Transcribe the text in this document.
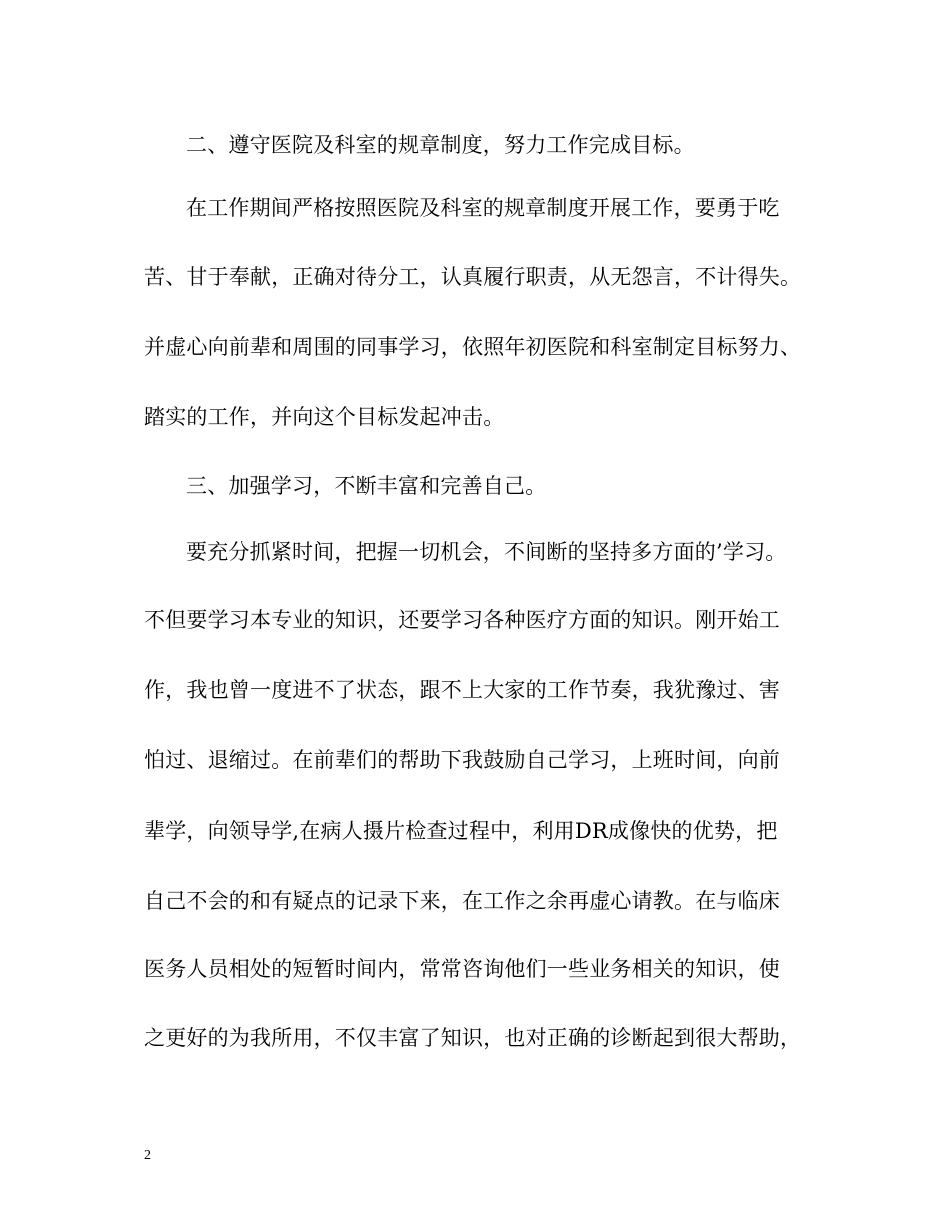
二、遵守医院及科室的规章制度，努力工作完成目标。
在工作期间严格按照医院及科室的规章制度开展工作，要勇于吃
苦、甘于奉献，正确对待分工，认真履行职责，从无怨言，不计得失。
并虚心向前辈和周围的同事学习，依照年初医院和科室制定目标努力、
踏实的工作，并向这个目标发起冲击。
三、加强学习，不断丰富和完善自己。
要充分抓紧时间，把握一切机会，不间断的坚持多方面的’学习。
不但要学习本专业的知识，还要学习各种医疗方面的知识。刚开始工
作，我也曾一度进不了状态，跟不上大家的工作节奏，我犹豫过、害
怕过、退缩过。在前辈们的帮助下我鼓励自己学习，上班时间，向前
辈学，向领导学,在病人摄片检查过程中，利用DR成像快的优势，把
自己不会的和有疑点的记录下来，在工作之余再虚心请教。在与临床
医务人员相处的短暂时间内，常常咨询他们一些业务相关的知识，使
之更好的为我所用，不仅丰富了知识，也对正确的诊断起到很大帮助，
2
